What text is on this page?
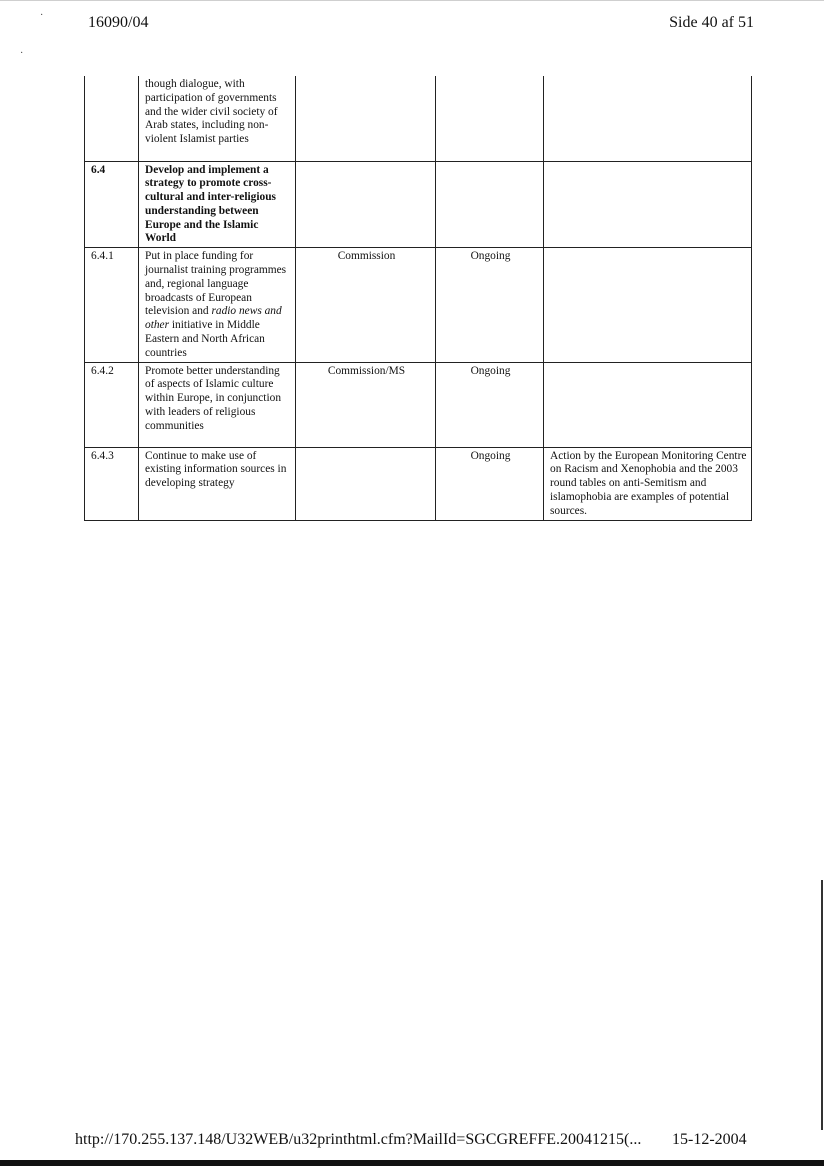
·
·
16090/04	Side 40 af 51
	though dialogue, with participation of governments and the wider civil society of Arab states, including non-violent Islamist parties			
6.4	Develop and implement a strategy to promote cross-cultural and inter-religious understanding between Europe and the Islamic World			
6.4.1	Put in place funding for journalist training programmes and, regional language broadcasts of European television and radio news and other initiative in Middle Eastern and North African countries	Commission	Ongoing	
6.4.2	Promote better understanding of aspects of Islamic culture within Europe, in conjunction with leaders of religious communities	Commission/MS	Ongoing	
6.4.3	Continue to make use of existing information sources in developing strategy		Ongoing	Action by the European Monitoring Centre on Racism and Xenophobia and the 2003 round tables on anti-Semitism and islamophobia are examples of potential sources.
http://170.255.137.148/U32WEB/u32printhtml.cfm?MailId=SGCGREFFE.20041215(... 15-12-2004
